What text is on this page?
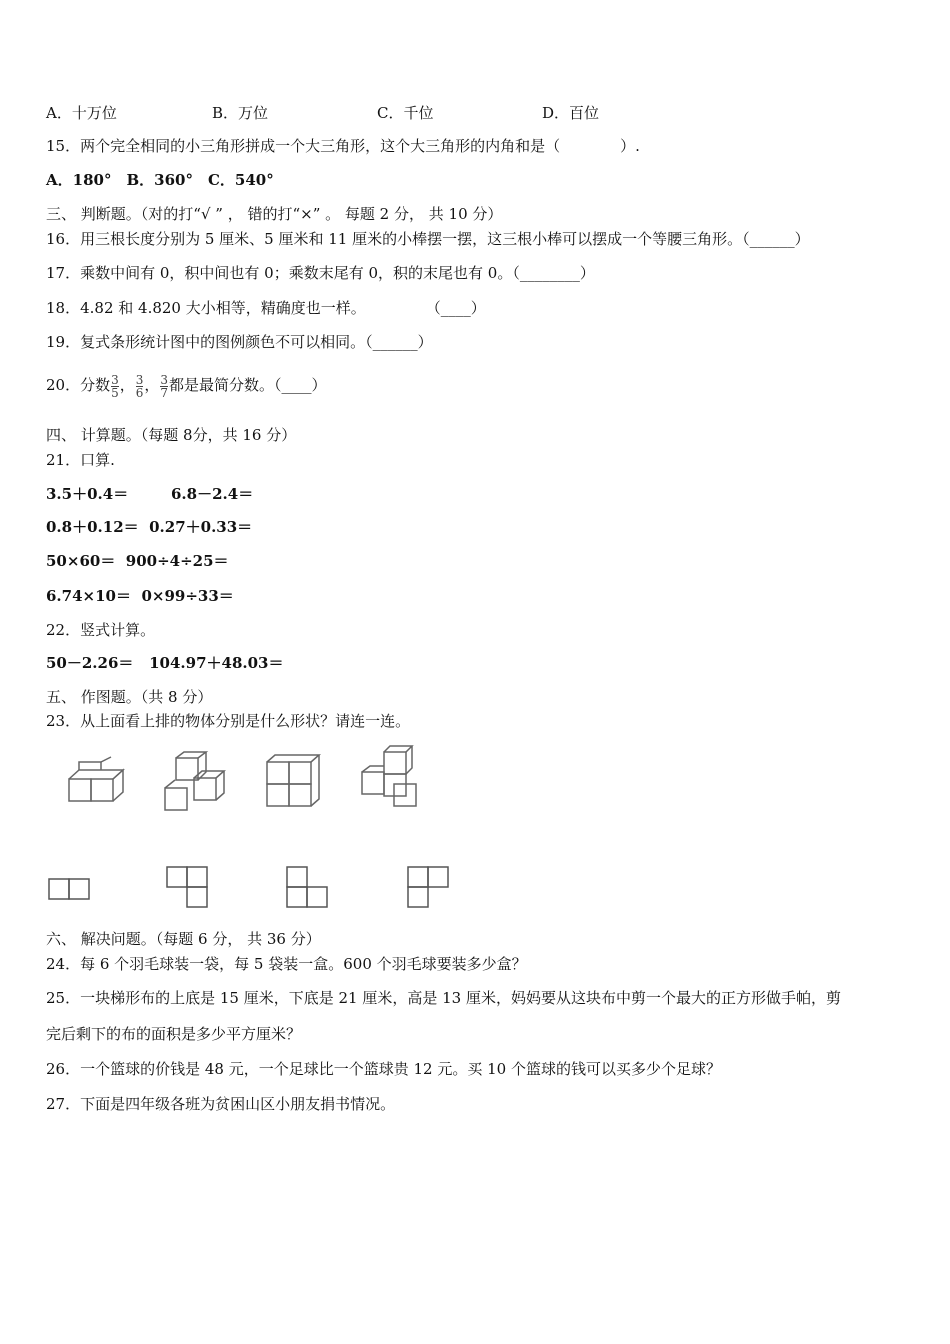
A．十万位	B．万位	C．千位	D．百位
15．两个完全相同的小三角形拼成一个大三角形，这个大三角形的内角和是（　　　　）.
A．180°　B．360°　C．540°
三、 判断题。（对的打“√ ” ， 错的打“×” 。 每题 2 分， 共 10 分）
16．用三根长度分别为 5 厘米、5 厘米和 11 厘米的小棒摆一摆，这三根小棒可以摆成一个等腰三角形。（______）
17．乘数中间有 0，积中间也有 0；乘数末尾有 0，积的末尾也有 0。（________）
18．4.82 和 4.820 大小相等，精确度也一样。　　　　　（____）
19．复式条形统计图中的图例颜色不可以相同。（______）
20．分数 $\frac{3}{5}$ ， $\frac{3}{6}$ ， $\frac{3}{7}$ 都是最简分数。（____）
四、 计算题。（每题 8分，共 16 分）
21．口算.
3.5＋0.4＝	6.8－2.4＝
0.8＋0.12＝ 0.27＋0.33＝
50×60＝ 900÷4÷25＝
6.74×10＝ 0×99÷33＝
22．竖式计算。
50－2.26＝ 104.97＋48.03＝
五、 作图题。（共 8 分）
23．从上面看上排的物体分别是什么形状？请连一连。
六、 解决问题。（每题 6 分， 共 36 分）
24．每 6 个羽毛球装一袋，每 5 袋装一盒。600 个羽毛球要装多少盒？
25．一块梯形布的上底是 15 厘米，下底是 21 厘米，高是 13 厘米，妈妈要从这块布中剪一个最大的正方形做手帕，剪
完后剩下的布的面积是多少平方厘米？
26．一个篮球的价钱是 48 元，一个足球比一个篮球贵 12 元。买 10 个篮球的钱可以买多少个足球？
27．下面是四年级各班为贫困山区小朋友捐书情况。
